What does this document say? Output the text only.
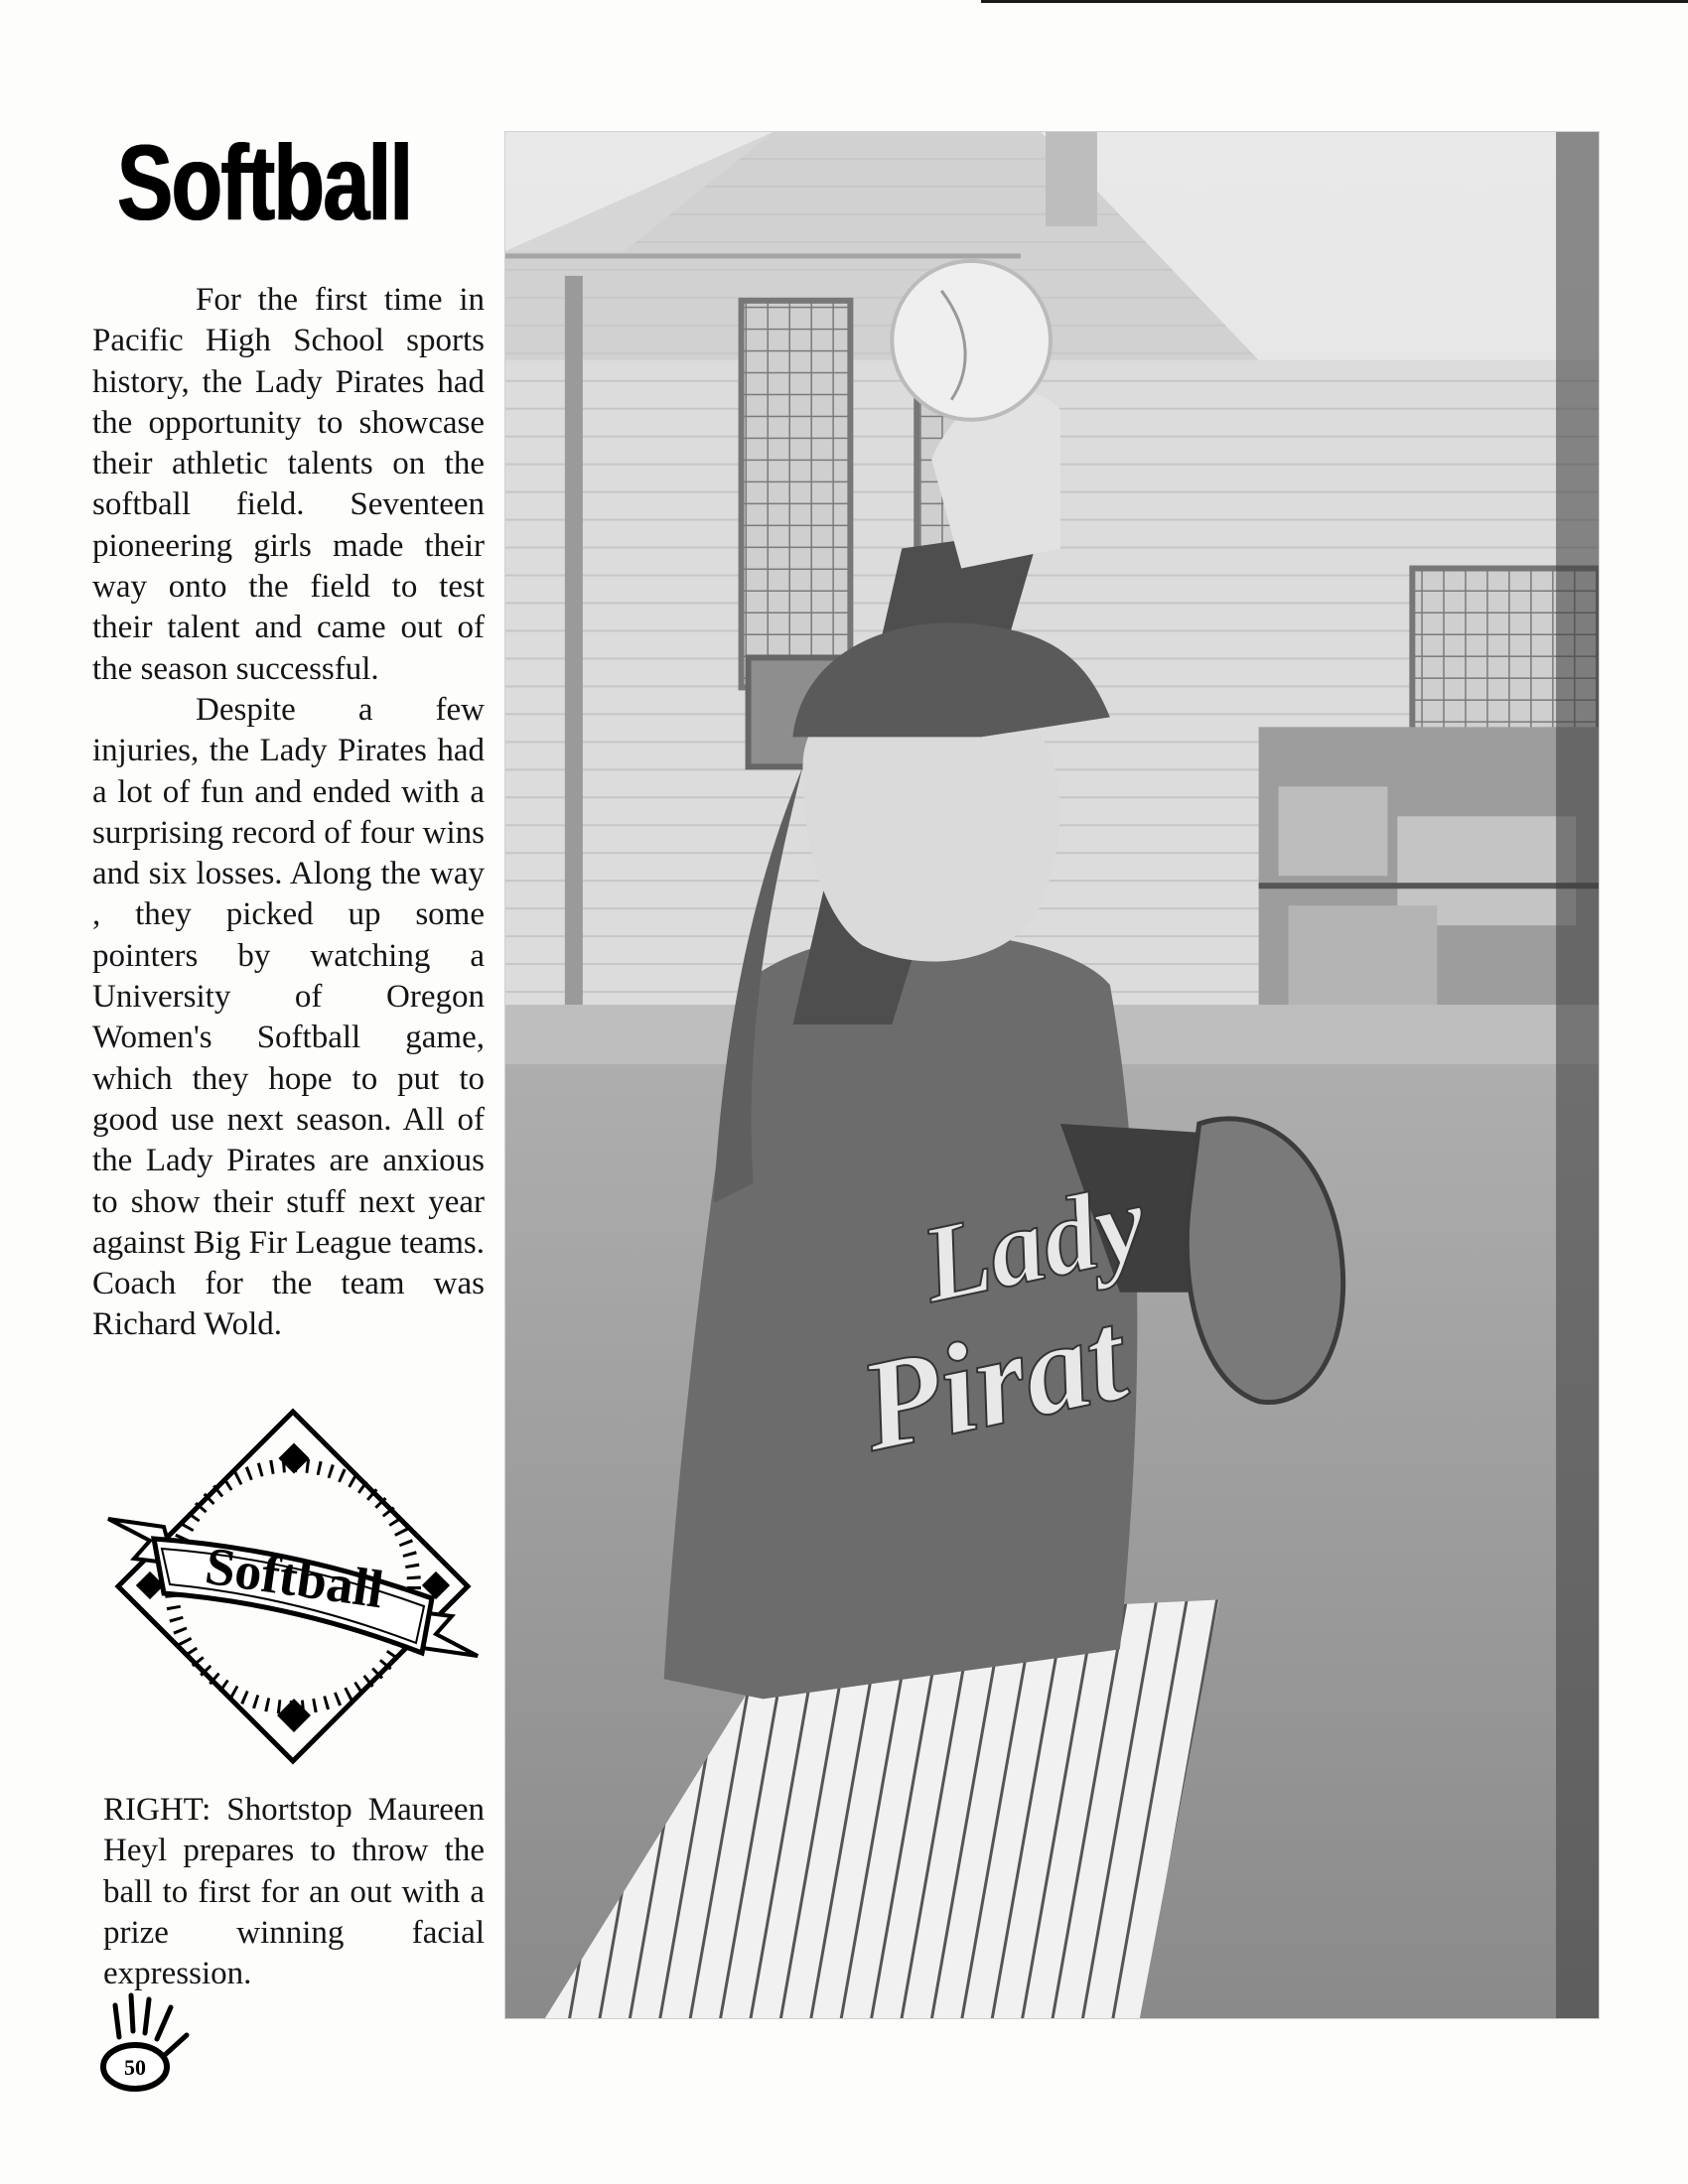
Softball

For the first time in Pacific High School sports history, the Lady Pirates had the opportunity to showcase their athletic talents on the softball field. Seventeen pioneering girls made their way onto the field to test their talent and came out of the season successful.

Despite a few injuries, the Lady Pirates had a lot of fun and ended with a surprising record of four wins and six losses. Along the way , they picked up some pointers by watching a University of Oregon Women's Softball game, which they hope to put to good use next season. All of the Lady Pirates are anxious to show their stuff next year against Big Fir League teams. Coach for the team was Richard Wold.

Softball

RIGHT: Shortstop Maureen Heyl prepares to throw the ball to first for an out with a prize winning facial expression.

50
Lady
Pirat
